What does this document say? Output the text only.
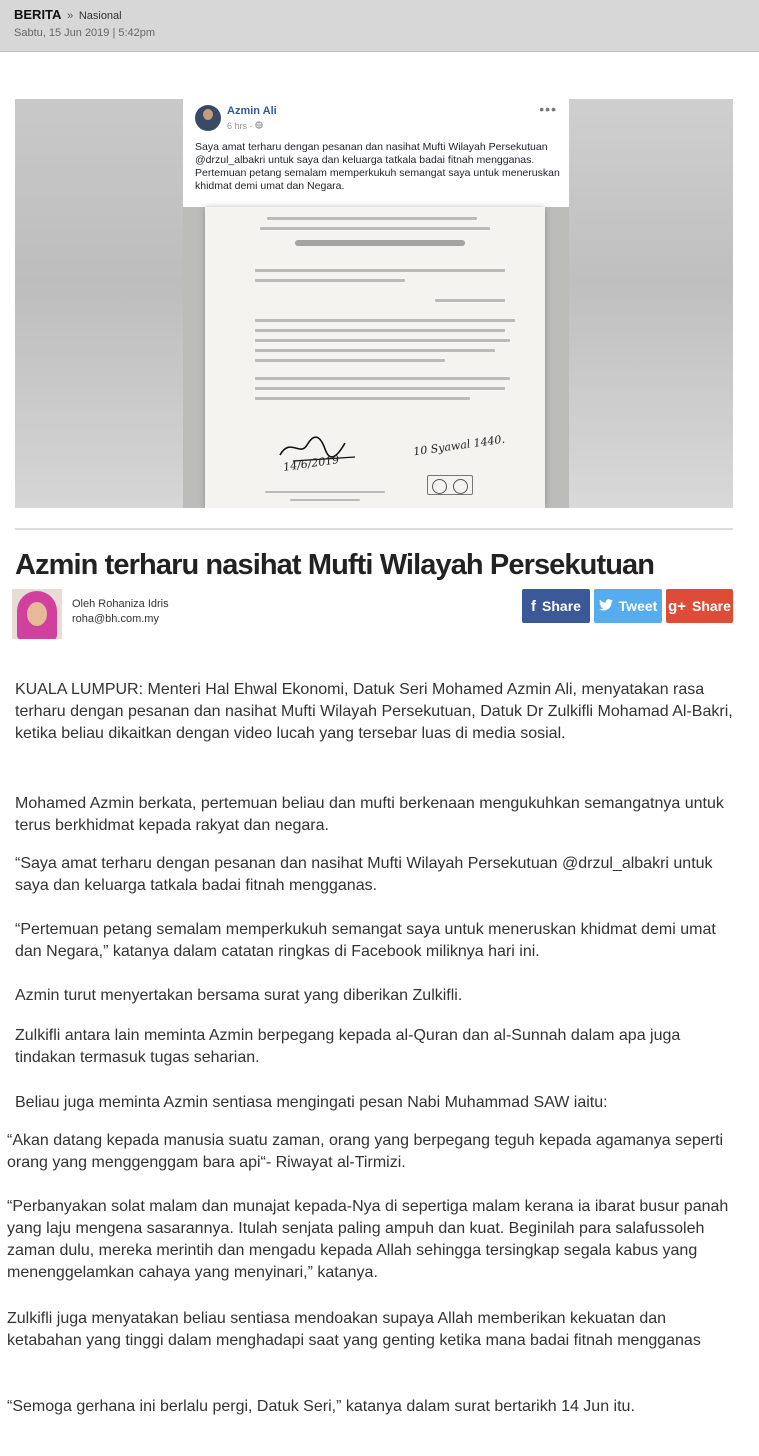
BERITA » Nasional
Sabtu, 15 Jun 2019 | 5:42pm
Azmin Ali
6 hrs ·
•••
Saya amat terharu dengan pesanan dan nasihat Mufti Wilayah Persekutuan @drzul_albakri untuk saya dan keluarga tatkala badai fitnah mengganas. Pertemuan petang semalam memperkukuh semangat saya untuk meneruskan khidmat demi umat dan Negara.
14/6/2019
10 Syawal 1440.
Azmin terharu nasihat Mufti Wilayah Persekutuan
Oleh Rohaniza Idris
roha@bh.com.my
f Share	Tweet g+ Share

KUALA LUMPUR: Menteri Hal Ehwal Ekonomi, Datuk Seri Mohamed Azmin Ali, menyatakan rasa terharu dengan pesanan dan nasihat Mufti Wilayah Persekutuan, Datuk Dr Zulkifli Mohamad Al-Bakri, ketika beliau dikaitkan dengan video lucah yang tersebar luas di media sosial.

Mohamed Azmin berkata, pertemuan beliau dan mufti berkenaan mengukuhkan semangatnya untuk terus berkhidmat kepada rakyat dan negara.

“Saya amat terharu dengan pesanan dan nasihat Mufti Wilayah Persekutuan @drzul_albakri untuk saya dan keluarga tatkala badai fitnah mengganas.

“Pertemuan petang semalam memperkukuh semangat saya untuk meneruskan khidmat demi umat dan Negara,” katanya dalam catatan ringkas di Facebook miliknya hari ini.

Azmin turut menyertakan bersama surat yang diberikan Zulkifli.

Zulkifli antara lain meminta Azmin berpegang kepada al-Quran dan al-Sunnah dalam apa juga tindakan termasuk tugas seharian.

Beliau juga meminta Azmin sentiasa mengingati pesan Nabi Muhammad SAW iaitu:

“Akan datang kepada manusia suatu zaman, orang yang berpegang teguh kepada agamanya seperti orang yang menggenggam bara api“- Riwayat al-Tirmizi.

“Perbanyakan solat malam dan munajat kepada-Nya di sepertiga malam kerana ia ibarat busur panah yang laju mengena sasarannya. Itulah senjata paling ampuh dan kuat. Beginilah para salafussoleh zaman dulu, mereka merintih dan mengadu kepada Allah sehingga tersingkap segala kabus yang menenggelamkan cahaya yang menyinari,” katanya.

Zulkifli juga menyatakan beliau sentiasa mendoakan supaya Allah memberikan kekuatan dan ketabahan yang tinggi dalam menghadapi saat yang genting ketika mana badai fitnah mengganas

“Semoga gerhana ini berlalu pergi, Datuk Seri,” katanya dalam surat bertarikh 14 Jun itu.
